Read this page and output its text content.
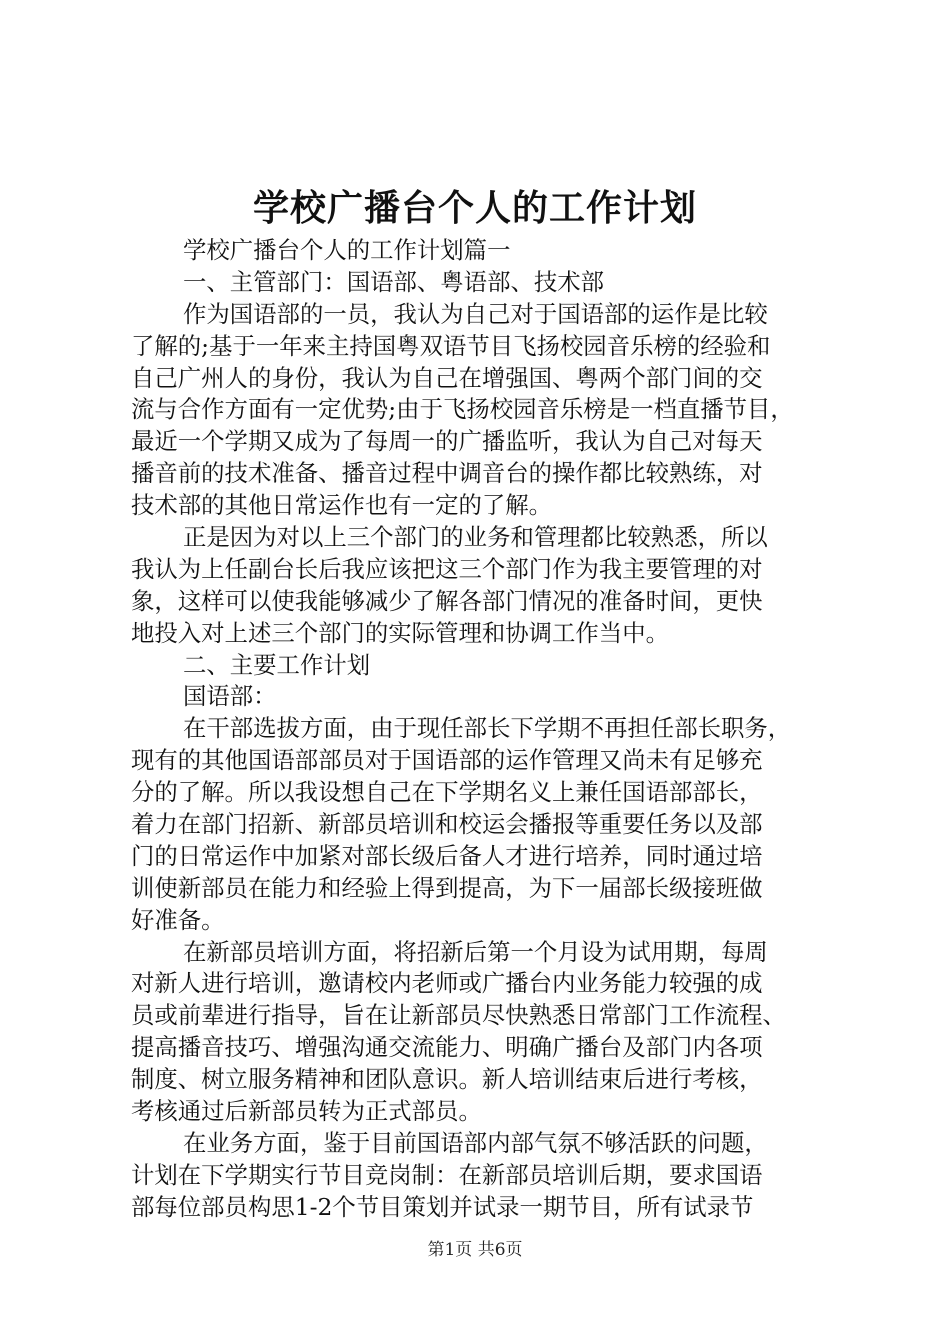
学校广播台个人的工作计划
学校广播台个人的工作计划篇一
一、主管部门：国语部、粤语部、技术部
作为国语部的一员，我认为自己对于国语部的运作是比较
了解的;基于一年来主持国粤双语节目飞扬校园音乐榜的经验和
自己广州人的身份，我认为自己在增强国、粤两个部门间的交
流与合作方面有一定优势;由于飞扬校园音乐榜是一档直播节目，
最近一个学期又成为了每周一的广播监听，我认为自己对每天
播音前的技术准备、播音过程中调音台的操作都比较熟练，对
技术部的其他日常运作也有一定的了解。
正是因为对以上三个部门的业务和管理都比较熟悉，所以
我认为上任副台长后我应该把这三个部门作为我主要管理的对
象，这样可以使我能够减少了解各部门情况的准备时间，更快
地投入对上述三个部门的实际管理和协调工作当中。
二、主要工作计划
国语部：
在干部选拔方面，由于现任部长下学期不再担任部长职务，
现有的其他国语部部员对于国语部的运作管理又尚未有足够充
分的了解。所以我设想自己在下学期名义上兼任国语部部长，
着力在部门招新、新部员培训和校运会播报等重要任务以及部
门的日常运作中加紧对部长级后备人才进行培养，同时通过培
训使新部员在能力和经验上得到提高，为下一届部长级接班做
好准备。
在新部员培训方面，将招新后第一个月设为试用期，每周
对新人进行培训，邀请校内老师或广播台内业务能力较强的成
员或前辈进行指导，旨在让新部员尽快熟悉日常部门工作流程、
提高播音技巧、增强沟通交流能力、明确广播台及部门内各项
制度、树立服务精神和团队意识。新人培训结束后进行考核，
考核通过后新部员转为正式部员。
在业务方面，鉴于目前国语部内部气氛不够活跃的问题，
计划在下学期实行节目竞岗制：在新部员培训后期，要求国语
部每位部员构思1-2个节目策划并试录一期节目，所有试录节
第1页 共6页
